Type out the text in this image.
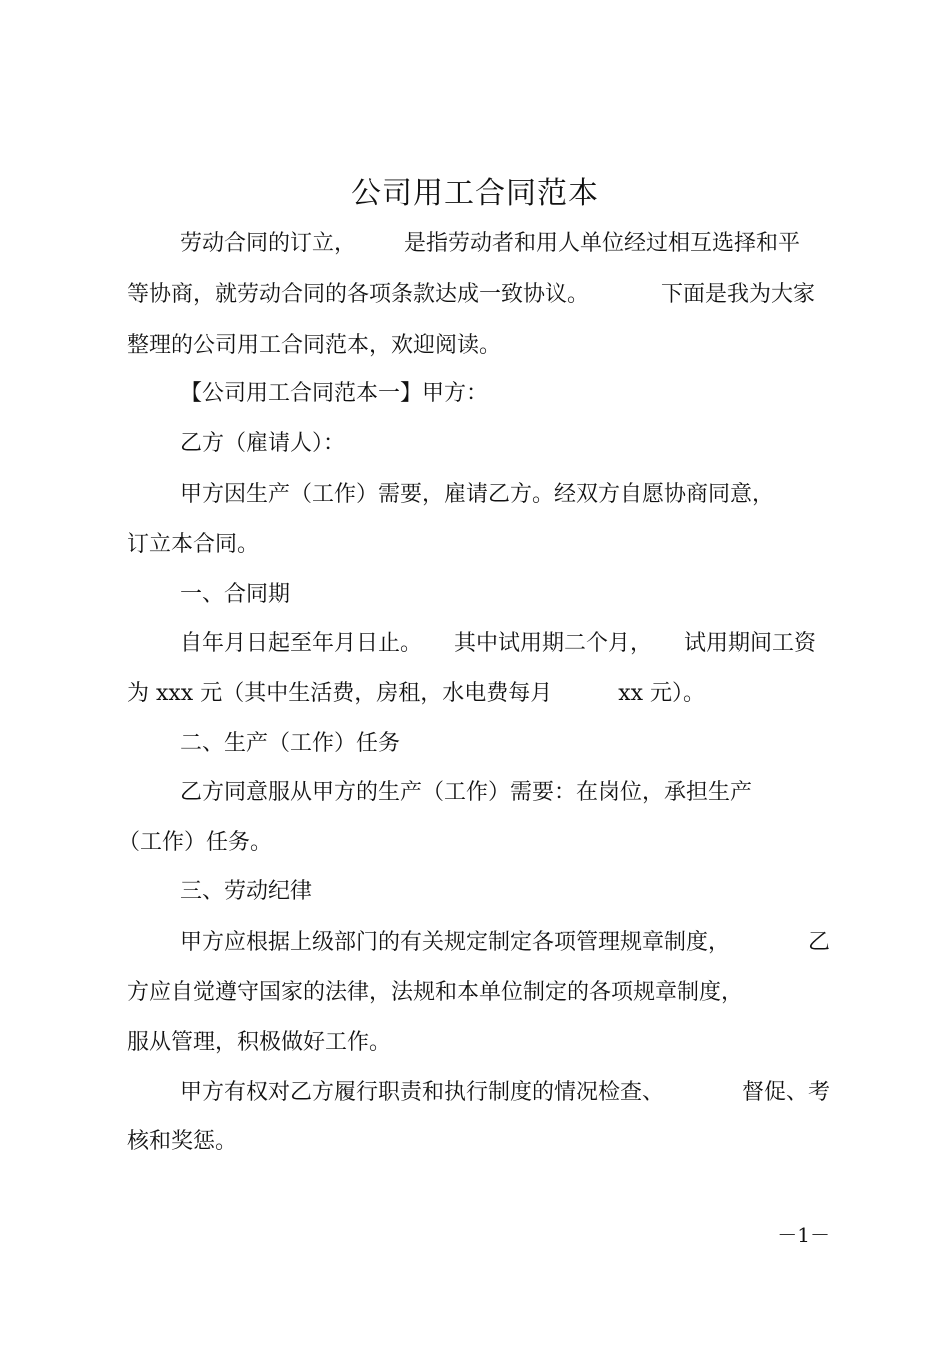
公司用工合同范本
劳动合同的订立， 是指劳动者和用人单位经过相互选择和平
等协商，就劳动合同的各项条款达成一致协议。	下面是我为大家
整理的公司用工合同范本，欢迎阅读。
【公司用工合同范本一】甲方：
乙方（雇请人）：
甲方因生产（工作）需要，雇请乙方。经双方自愿协商同意，
订立本合同。
一、合同期
自年月日起至年月日止。 其中试用期二个月， 试用期间工资
为 xxx 元（其中生活费，房租，水电费每月	xx 元）。
二、生产（工作）任务
乙方同意服从甲方的生产（工作）需要：在岗位，承担生产
（工作）任务。
三、劳动纪律
甲方应根据上级部门的有关规定制定各项管理规章制度，	乙
方应自觉遵守国家的法律，法规和本单位制定的各项规章制度，
服从管理，积极做好工作。
甲方有权对乙方履行职责和执行制度的情况检查、	督促、考
核和奖惩。
－1－
